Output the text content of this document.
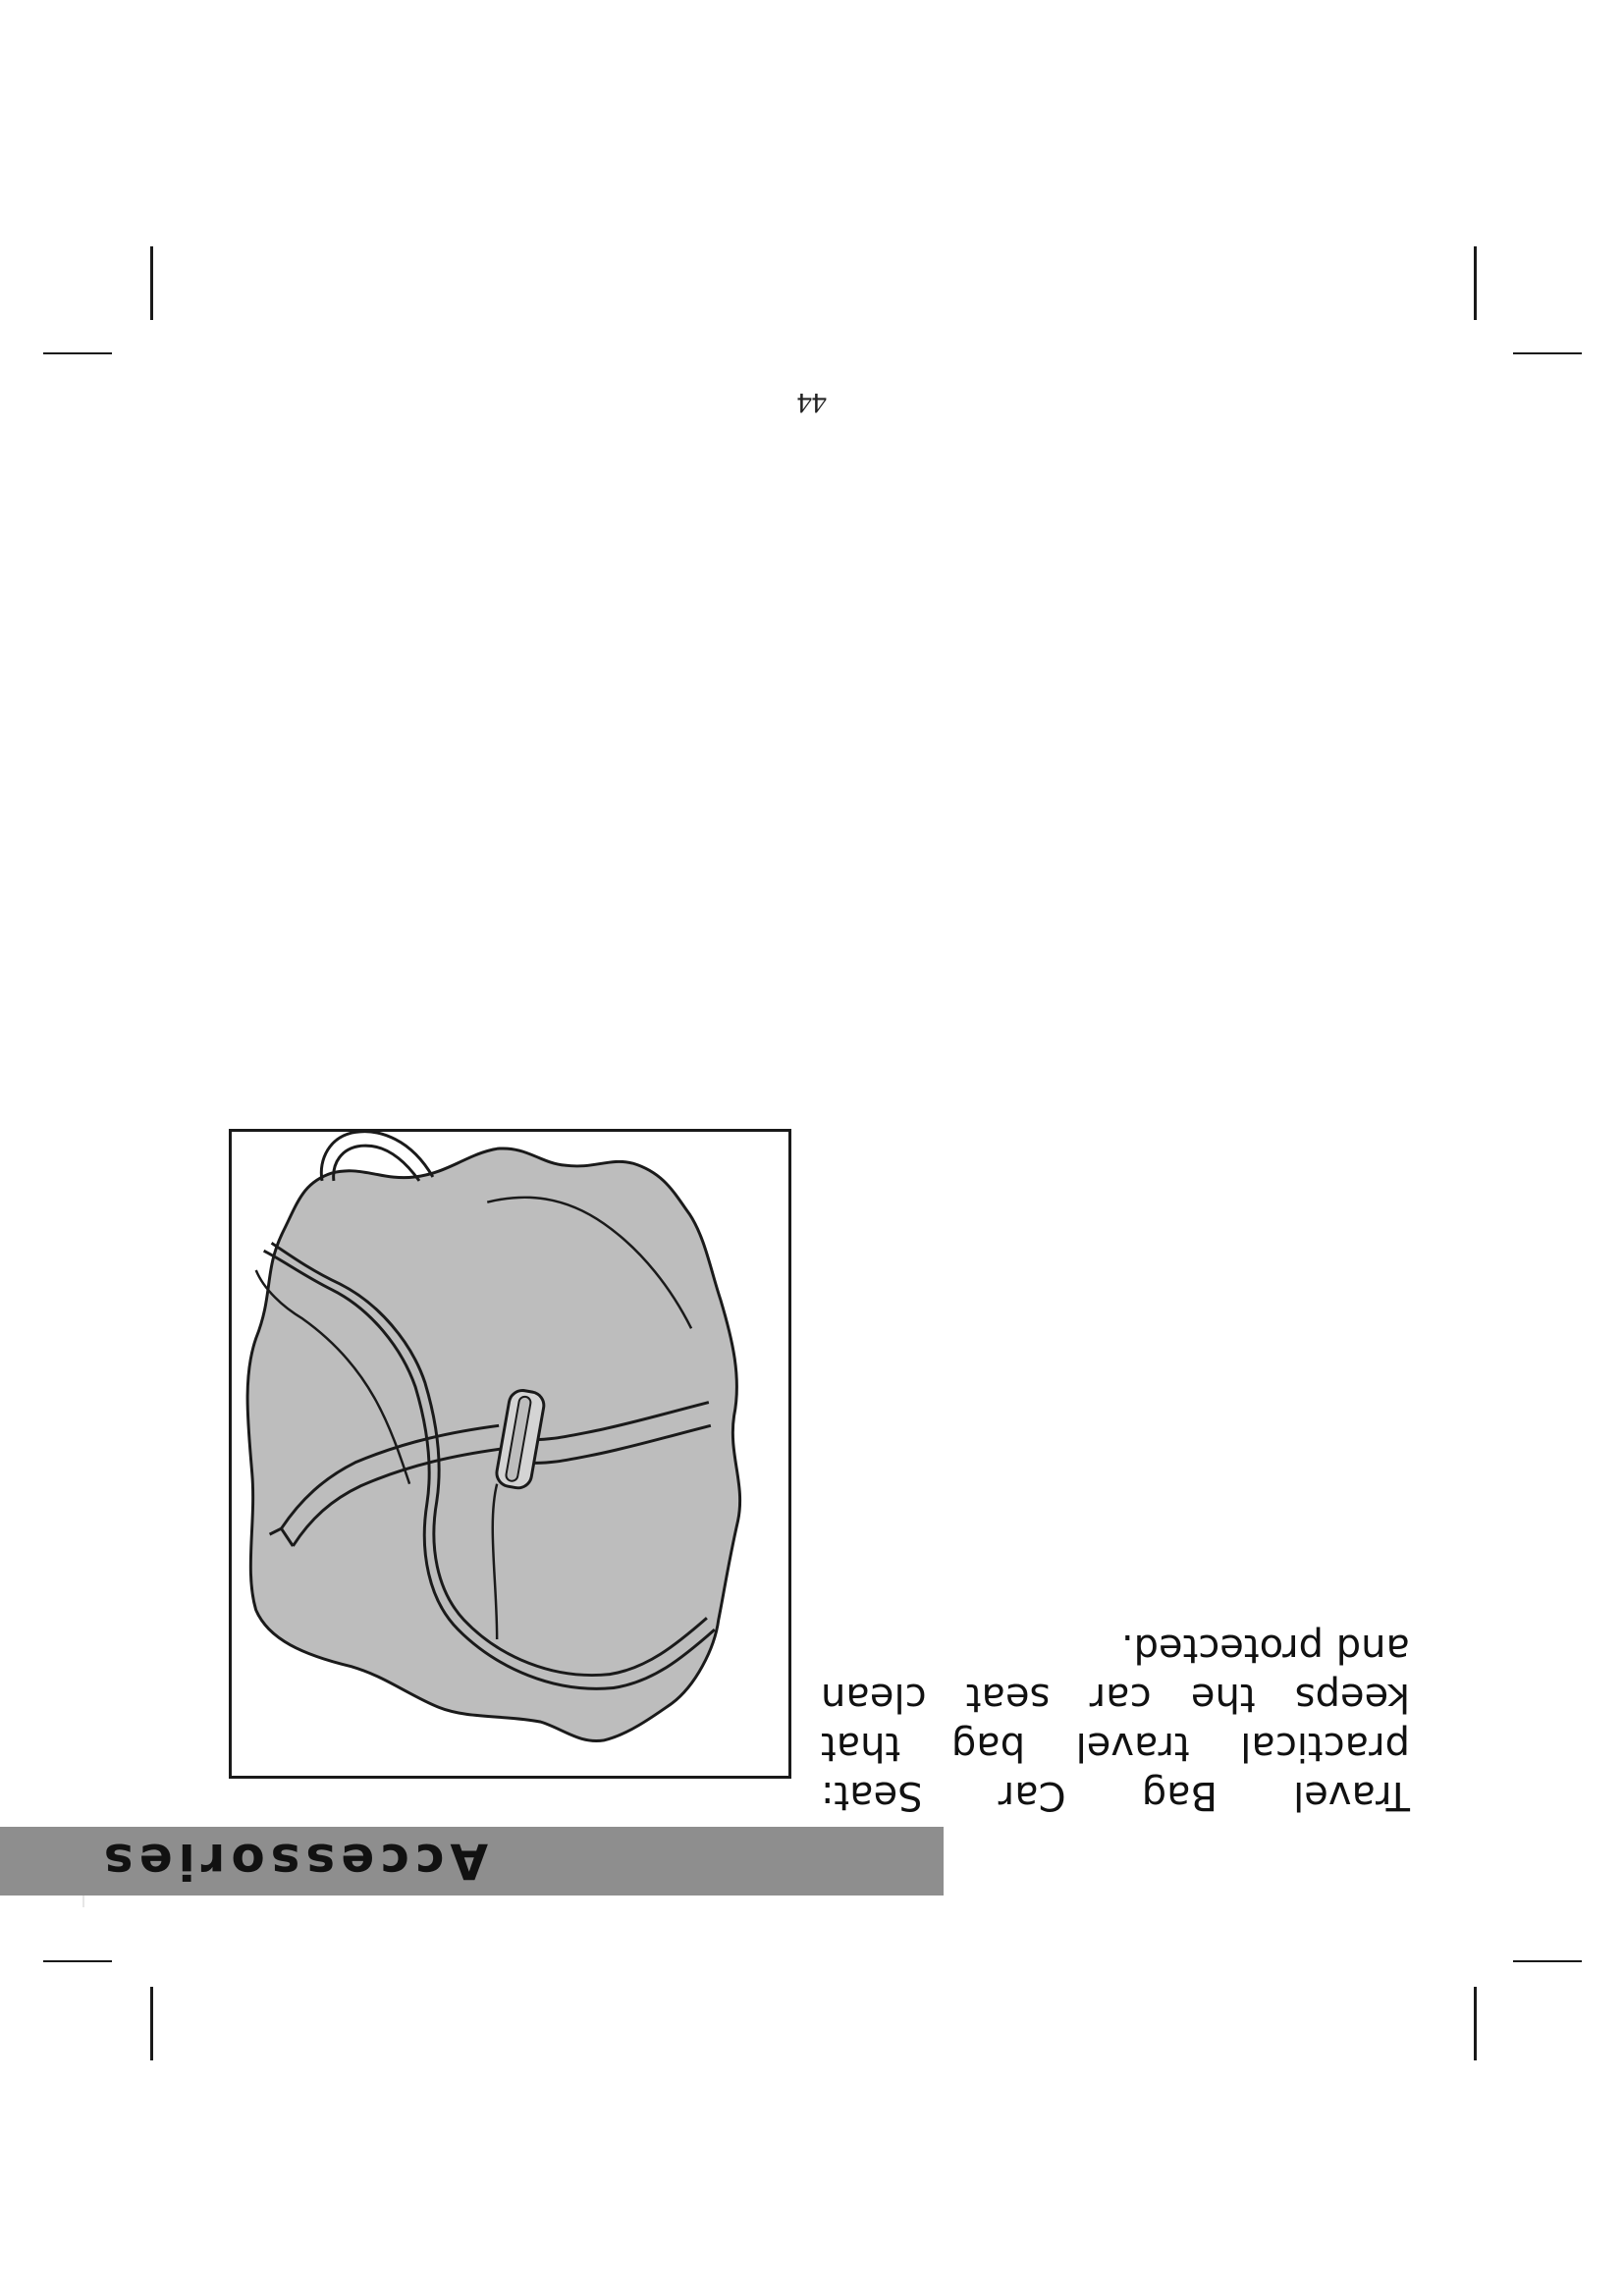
Accessories

Travel Bag Car Seat:
practical travel bag that
keeps the car seat clean
and protected.

44
